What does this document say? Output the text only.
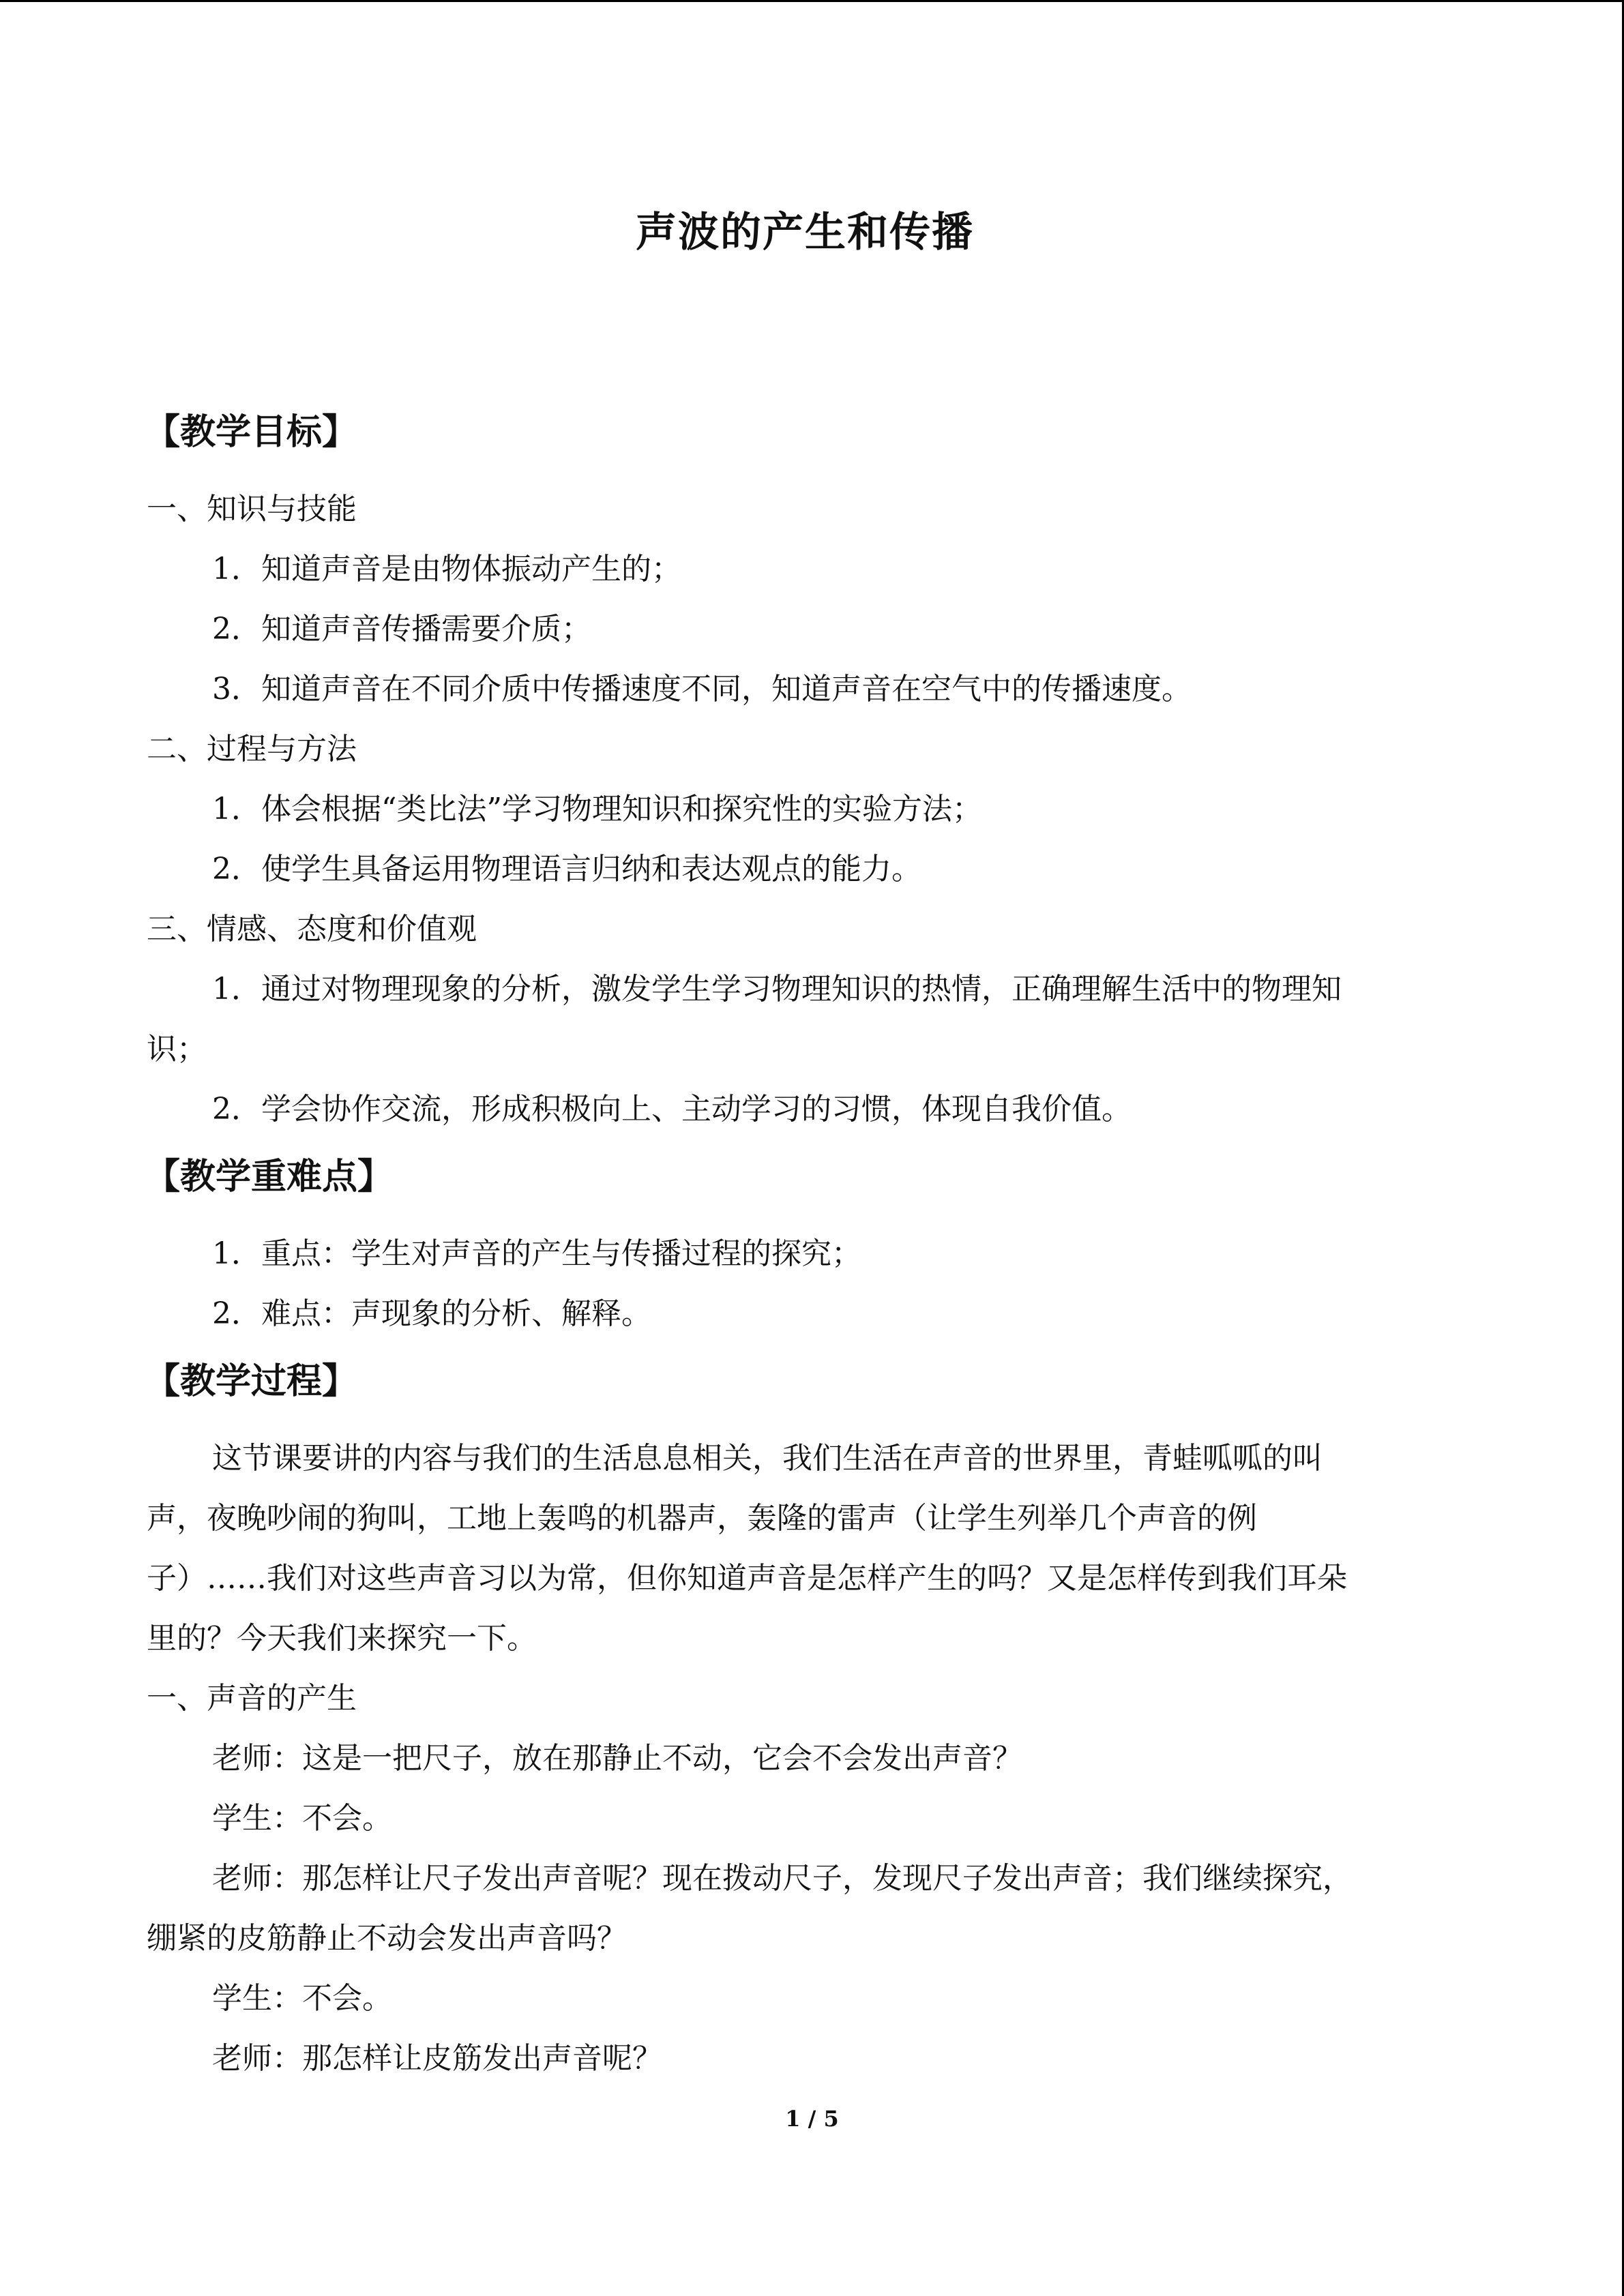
声波的产生和传播
【教学目标】

一、知识与技能

1．知道声音是由物体振动产生的；

2．知道声音传播需要介质；

3．知道声音在不同介质中传播速度不同，知道声音在空气中的传播速度。

二、过程与方法

1．体会根据“类比法”学习物理知识和探究性的实验方法；

2．使学生具备运用物理语言归纳和表达观点的能力。

三、情感、态度和价值观

1．通过对物理现象的分析，激发学生学习物理知识的热情，正确理解生活中的物理知

识；

2．学会协作交流，形成积极向上、主动学习的习惯，体现自我价值。

【教学重难点】

1．重点：学生对声音的产生与传播过程的探究；

2．难点：声现象的分析、解释。

【教学过程】

这节课要讲的内容与我们的生活息息相关，我们生活在声音的世界里，青蛙呱呱的叫

声，夜晚吵闹的狗叫，工地上轰鸣的机器声，轰隆的雷声（让学生列举几个声音的例

子）……我们对这些声音习以为常，但你知道声音是怎样产生的吗？又是怎样传到我们耳朵

里的？今天我们来探究一下。

一、声音的产生

老师：这是一把尺子，放在那静止不动，它会不会发出声音？

学生：不会。

老师：那怎样让尺子发出声音呢？现在拨动尺子，发现尺子发出声音；我们继续探究，

绷紧的皮筋静止不动会发出声音吗？

学生：不会。

老师：那怎样让皮筋发出声音呢？

1 / 5
